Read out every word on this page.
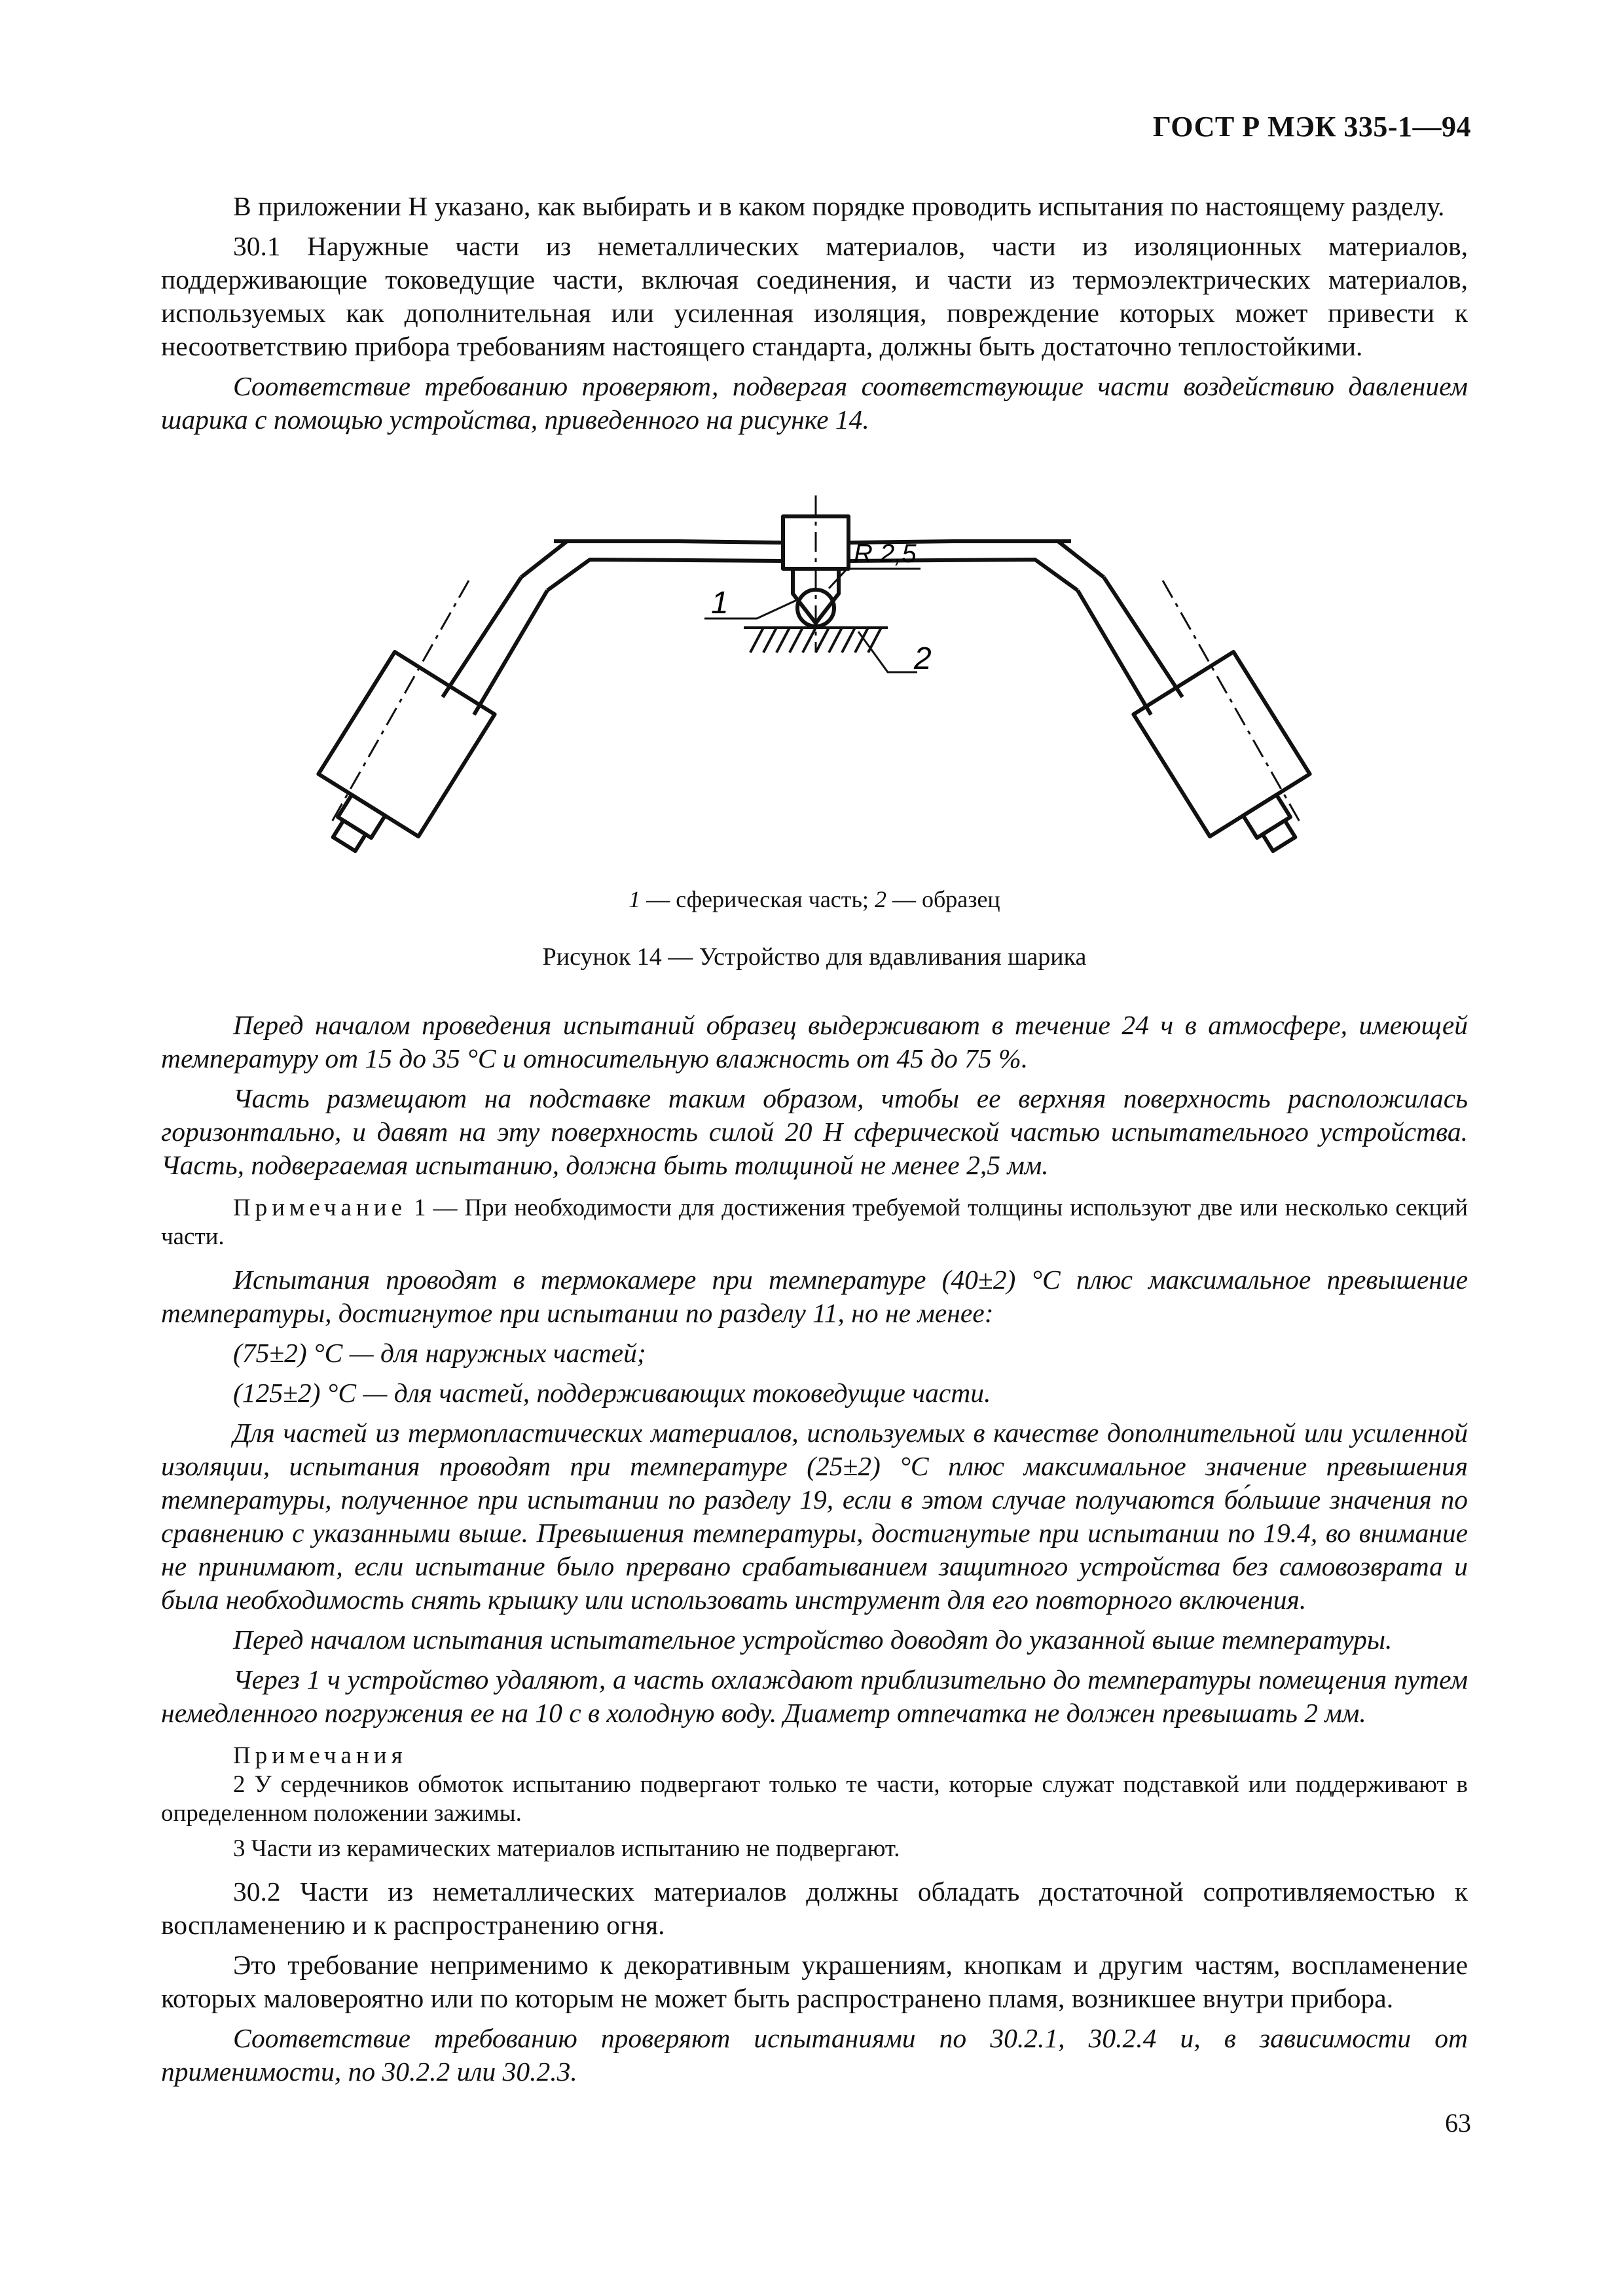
ГОСТ Р МЭК 335-1—94

В приложении Н указано, как выбирать и в каком порядке проводить испытания по настоящему разделу.

30.1 Наружные части из неметаллических материалов, части из изоляционных материалов, поддерживающие токоведущие части, включая соединения, и части из термоэлектрических материалов, используемых как дополнительная или усиленная изоляция, повреждение которых может привести к несоответствию прибора требованиям настоящего стандарта, должны быть достаточно теплостойкими.

Соответствие требованию проверяют, подвергая соответствующие части воздействию давлением шарика с помощью устройства, приведенного на рисунке 14.

1
2
R 2,5
1 — сферическая часть; 2 — образец
Рисунок 14 — Устройство для вдавливания шарика

Перед началом проведения испытаний образец выдерживают в течение 24 ч в атмосфере, имеющей температуру от 15 до 35 °С и относительную влажность от 45 до 75 %.

Часть размещают на подставке таким образом, чтобы ее верхняя поверхность расположилась горизонтально, и давят на эту поверхность силой 20 Н сферической частью испытательного устройства. Часть, подвергаемая испытанию, должна быть толщиной не менее 2,5 мм.

Примечание 1 — При необходимости для достижения требуемой толщины используют две или несколько секций части.

Испытания проводят в термокамере при температуре (40±2) °С плюс максимальное превышение температуры, достигнутое при испытании по разделу 11, но не менее:

(75±2) °С — для наружных частей;

(125±2) °С — для частей, поддерживающих токоведущие части.

Для частей из термопластических материалов, используемых в качестве дополнительной или усиленной изоляции, испытания проводят при температуре (25±2) °С плюс максимальное значение превышения температуры, полученное при испытании по разделу 19, если в этом случае получаются бо́льшие значения по сравнению с указанными выше. Превышения температуры, достигнутые при испытании по 19.4, во внимание не принимают, если испытание было прервано срабатыванием защитного устройства без самовозврата и была необходимость снять крышку или использовать инструмент для его повторного включения.

Перед началом испытания испытательное устройство доводят до указанной выше температуры.

Через 1 ч устройство удаляют, а часть охлаждают приблизительно до температуры помещения путем немедленного погружения ее на 10 с в холодную воду. Диаметр отпечатка не должен превышать 2 мм.

Примечания

2 У сердечников обмоток испытанию подвергают только те части, которые служат подставкой или поддерживают в определенном положении зажимы.

3 Части из керамических материалов испытанию не подвергают.

30.2 Части из неметаллических материалов должны обладать достаточной сопротивляемостью к воспламенению и к распространению огня.

Это требование неприменимо к декоративным украшениям, кнопкам и другим частям, воспламенение которых маловероятно или по которым не может быть распространено пламя, возникшее внутри прибора.

Соответствие требованию проверяют испытаниями по 30.2.1, 30.2.4 и, в зависимости от применимости, по 30.2.2 или 30.2.3.

63
